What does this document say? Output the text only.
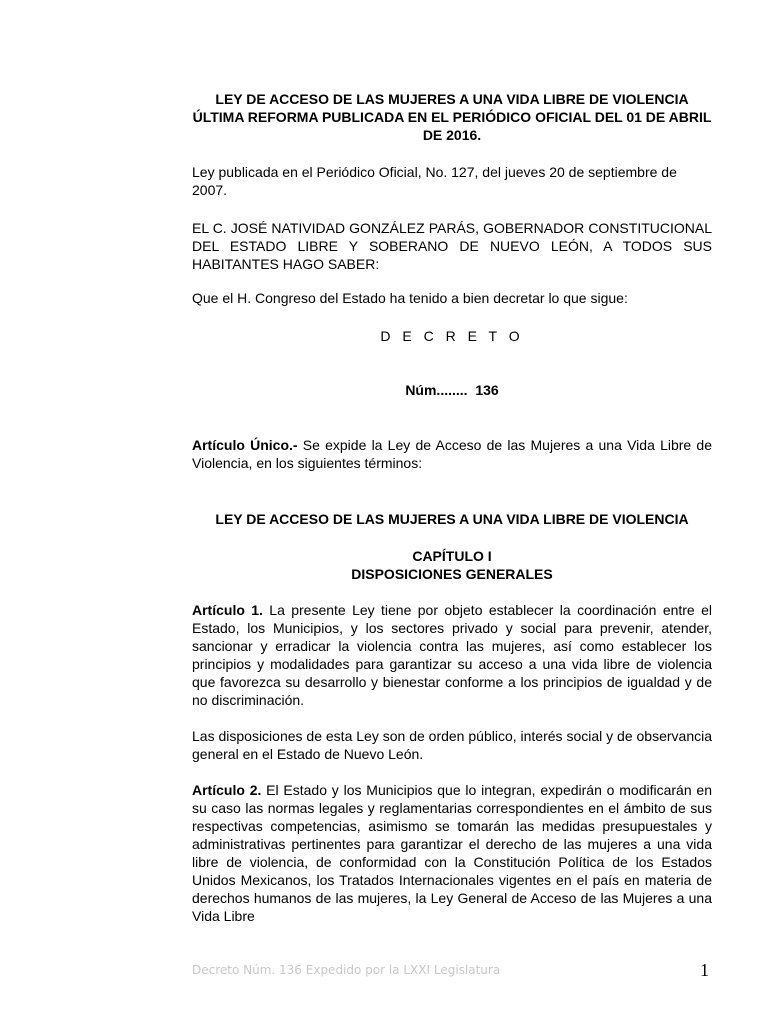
LEY DE ACCESO DE LAS MUJERES A UNA VIDA LIBRE DE VIOLENCIA

ÚLTIMA REFORMA PUBLICADA EN EL PERIÓDICO OFICIAL DEL 01 DE ABRIL

DE 2016.

Ley publicada en el Periódico Oficial, No. 127, del jueves 20 de septiembre de 2007.

EL C. JOSÉ NATIVIDAD GONZÁLEZ PARÁS, GOBERNADOR CONSTITUCIONAL DEL ESTADO LIBRE Y SOBERANO DE NUEVO LEÓN, A TODOS SUS HABITANTES HAGO SABER:

Que el H. Congreso del Estado ha tenido a bien decretar lo que sigue:

D E C R E T O

Núm........  136

Artículo Único.- Se expide la Ley de Acceso de las Mujeres a una Vida Libre de Violencia, en los siguientes términos:

LEY DE ACCESO DE LAS MUJERES A UNA VIDA LIBRE DE VIOLENCIA

CAPÍTULO I

DISPOSICIONES GENERALES

Artículo 1. La presente Ley tiene por objeto establecer la coordinación entre el Estado, los Municipios, y los sectores privado y social para prevenir, atender, sancionar y erradicar la violencia contra las mujeres, así como establecer los principios y modalidades para garantizar su acceso a una vida libre de violencia que favorezca su desarrollo y bienestar conforme a los principios de igualdad y de no discriminación.

Las disposiciones de esta Ley son de orden público, interés social y de observancia general en el Estado de Nuevo León.

Artículo 2. El Estado y los Municipios que lo integran, expedirán o modificarán en su caso las normas legales y reglamentarias correspondientes en el ámbito de sus respectivas competencias, asimismo se tomarán las medidas presupuestales y administrativas pertinentes para garantizar el derecho de las mujeres a una vida libre de violencia, de conformidad con la Constitución Política de los Estados Unidos Mexicanos, los Tratados Internacionales vigentes en el país en materia de derechos humanos de las mujeres, la Ley General de Acceso de las Mujeres a una Vida Libre

Decreto Núm. 136 Expedido por la LXXI Legislatura	1
